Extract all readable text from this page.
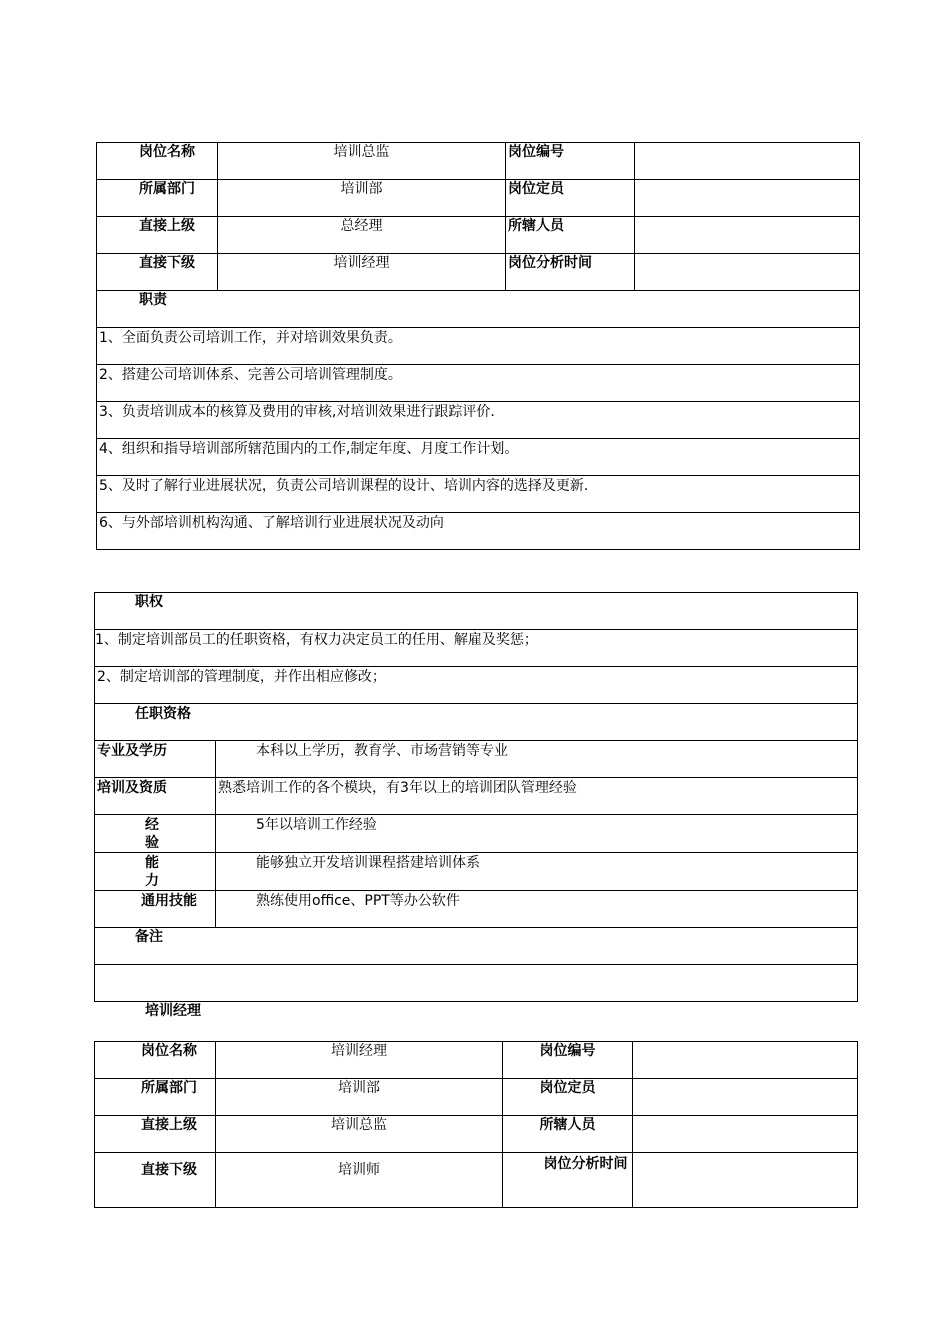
岗位名称	培训总监	岗位编号	
所属部门	培训部	岗位定员	
直接上级	总经理	所辖人员	
直接下级	培训经理	岗位分析时间	
职责			
1、全面负责公司培训工作，并对培训效果负责。			
2、搭建公司培训体系、完善公司培训管理制度。			
3、负责培训成本的核算及费用的审核,对培训效果进行跟踪评价.			
4、组织和指导培训部所辖范围内的工作,制定年度、月度工作计划。			
5、及时了解行业进展状况，负责公司培训课程的设计、培训内容的选择及更新.			
6、与外部培训机构沟通、了解培训行业进展状况及动向			
职权	
1、制定培训部员工的任职资格，有权力决定员工的任用、解雇及奖惩；	
2、制定培训部的管理制度，并作出相应修改；	
任职资格	
专业及学历	本科以上学历，教育学、市场营销等专业
培训及资质	熟悉培训工作的各个模块，有3年以上的培训团队管理经验
经验	5年以培训工作经验
能力	能够独立开发培训课程搭建培训体系
通用技能	熟练使用office、PPT等办公软件
备注	

培训经理
岗位名称	培训经理	岗位编号	
所属部门	培训部	岗位定员	
直接上级	培训总监	所辖人员	
直接下级	培训师	岗位分析时间	
